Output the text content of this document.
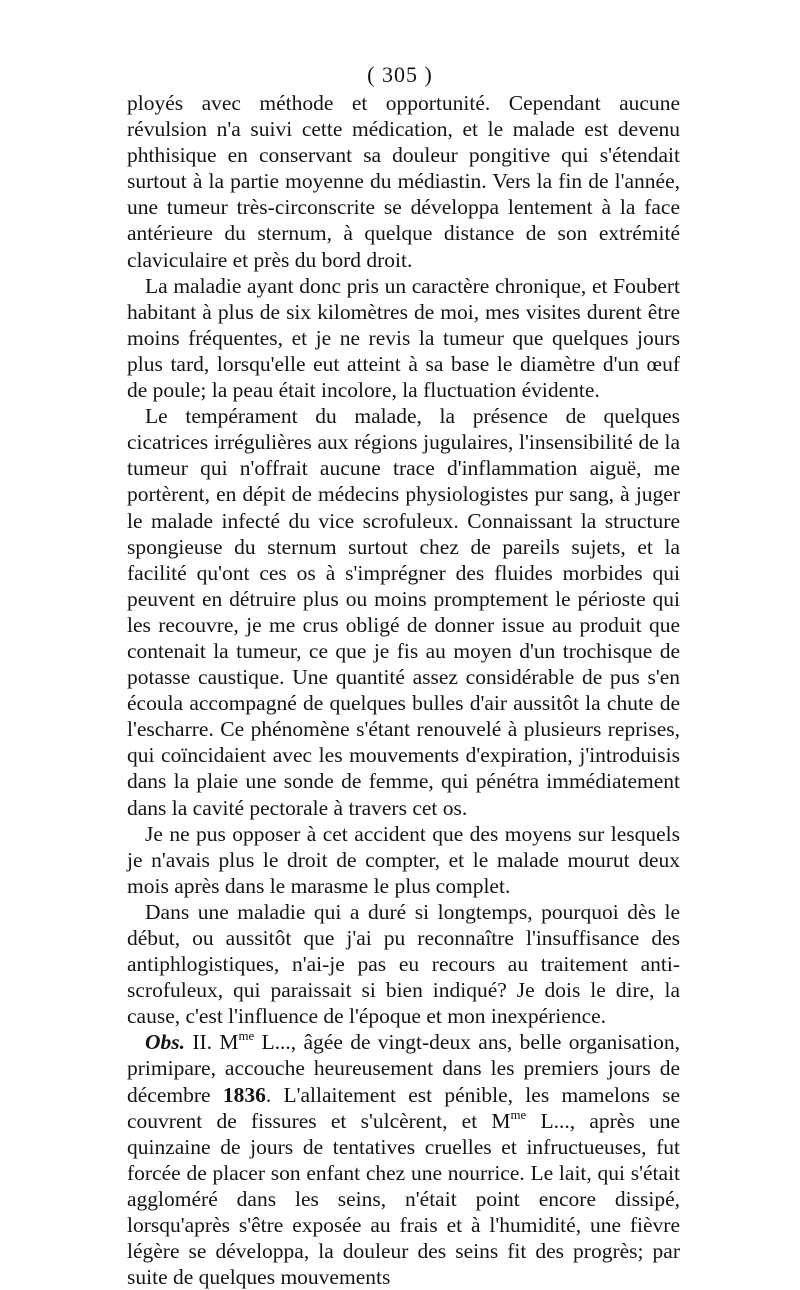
( 305 )

ployés avec méthode et opportunité. Cependant aucune révulsion n'a suivi cette médication, et le malade est devenu phthisique en conservant sa douleur pongitive qui s'étendait surtout à la partie moyenne du médiastin. Vers la fin de l'année, une tumeur très-circonscrite se développa lentement à la face antérieure du sternum, à quelque distance de son extrémité claviculaire et près du bord droit.

La maladie ayant donc pris un caractère chronique, et Foubert habitant à plus de six kilomètres de moi, mes visites durent être moins fréquentes, et je ne revis la tumeur que quelques jours plus tard, lorsqu'elle eut atteint à sa base le diamètre d'un œuf de poule; la peau était incolore, la fluctuation évidente.

Le tempérament du malade, la présence de quelques cicatrices irrégulières aux régions jugulaires, l'insensibilité de la tumeur qui n'offrait aucune trace d'inflammation aiguë, me portèrent, en dépit de médecins physiologistes pur sang, à juger le malade infecté du vice scrofuleux. Connaissant la structure spongieuse du sternum surtout chez de pareils sujets, et la facilité qu'ont ces os à s'imprégner des fluides morbides qui peuvent en détruire plus ou moins promptement le périoste qui les recouvre, je me crus obligé de donner issue au produit que contenait la tumeur, ce que je fis au moyen d'un trochisque de potasse caustique. Une quantité assez considérable de pus s'en écoula accompagné de quelques bulles d'air aussitôt la chute de l'escharre. Ce phénomène s'étant renouvelé à plusieurs reprises, qui coïncidaient avec les mouvements d'expiration, j'introduisis dans la plaie une sonde de femme, qui pénétra immédiatement dans la cavité pectorale à travers cet os.

Je ne pus opposer à cet accident que des moyens sur lesquels je n'avais plus le droit de compter, et le malade mourut deux mois après dans le marasme le plus complet.

Dans une maladie qui a duré si longtemps, pourquoi dès le début, ou aussitôt que j'ai pu reconnaître l'insuffisance des antiphlogistiques, n'ai-je pas eu recours au traitement anti-scrofuleux, qui paraissait si bien indiqué? Je dois le dire, la cause, c'est l'influence de l'époque et mon inexpérience.

Obs. II. $M^{me}$ L..., âgée de vingt-deux ans, belle organisation, primipare, accouche heureusement dans les premiers jours de décembre 1836. L'allaitement est pénible, les mamelons se couvrent de fissures et s'ulcèrent, et $M^{me}$ L..., après une quinzaine de jours de tentatives cruelles et infructueuses, fut forcée de placer son enfant chez une nourrice. Le lait, qui s'était aggloméré dans les seins, n'était point encore dissipé, lorsqu'après s'être exposée au frais et à l'humidité, une fièvre légère se développa, la douleur des seins fit des progrès; par suite de quelques mouvements
